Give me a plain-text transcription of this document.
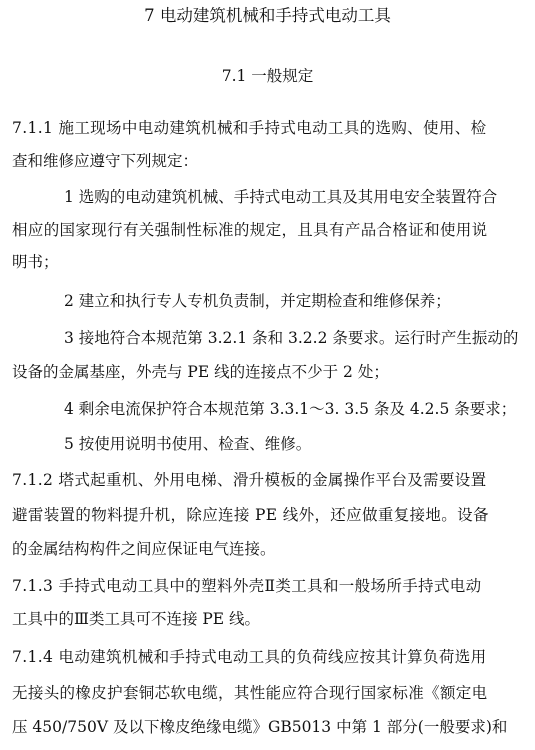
7 电动建筑机械和手持式电动工具
7.1 一般规定
7.1.1 施工现场中电动建筑机械和手持式电动工具的选购、使用、检
查和维修应遵守下列规定：
1 选购的电动建筑机械、手持式电动工具及其用电安全装置符合
相应的国家现行有关强制性标准的规定，且具有产品合格证和使用说
明书；
2 建立和执行专人专机负责制，并定期检查和维修保养；
3 接地符合本规范第 3.2.1 条和 3.2.2 条要求。运行时产生振动的
设备的金属基座，外壳与 PE 线的连接点不少于 2 处；
4 剩余电流保护符合本规范第 3.3.1～3. 3.5 条及 4.2.5 条要求；
5 按使用说明书使用、检查、维修。
7.1.2 塔式起重机、外用电梯、滑升模板的金属操作平台及需要设置
避雷装置的物料提升机，除应连接 PE 线外，还应做重复接地。设备
的金属结构构件之间应保证电气连接。
7.1.3 手持式电动工具中的塑料外壳Ⅱ类工具和一般场所手持式电动
工具中的Ⅲ类工具可不连接 PE 线。
7.1.4 电动建筑机械和手持式电动工具的负荷线应按其计算负荷选用
无接头的橡皮护套铜芯软电缆，其性能应符合现行国家标准《额定电
压 450/750V 及以下橡皮绝缘电缆》GB5013 中第 1 部分(一般要求)和
